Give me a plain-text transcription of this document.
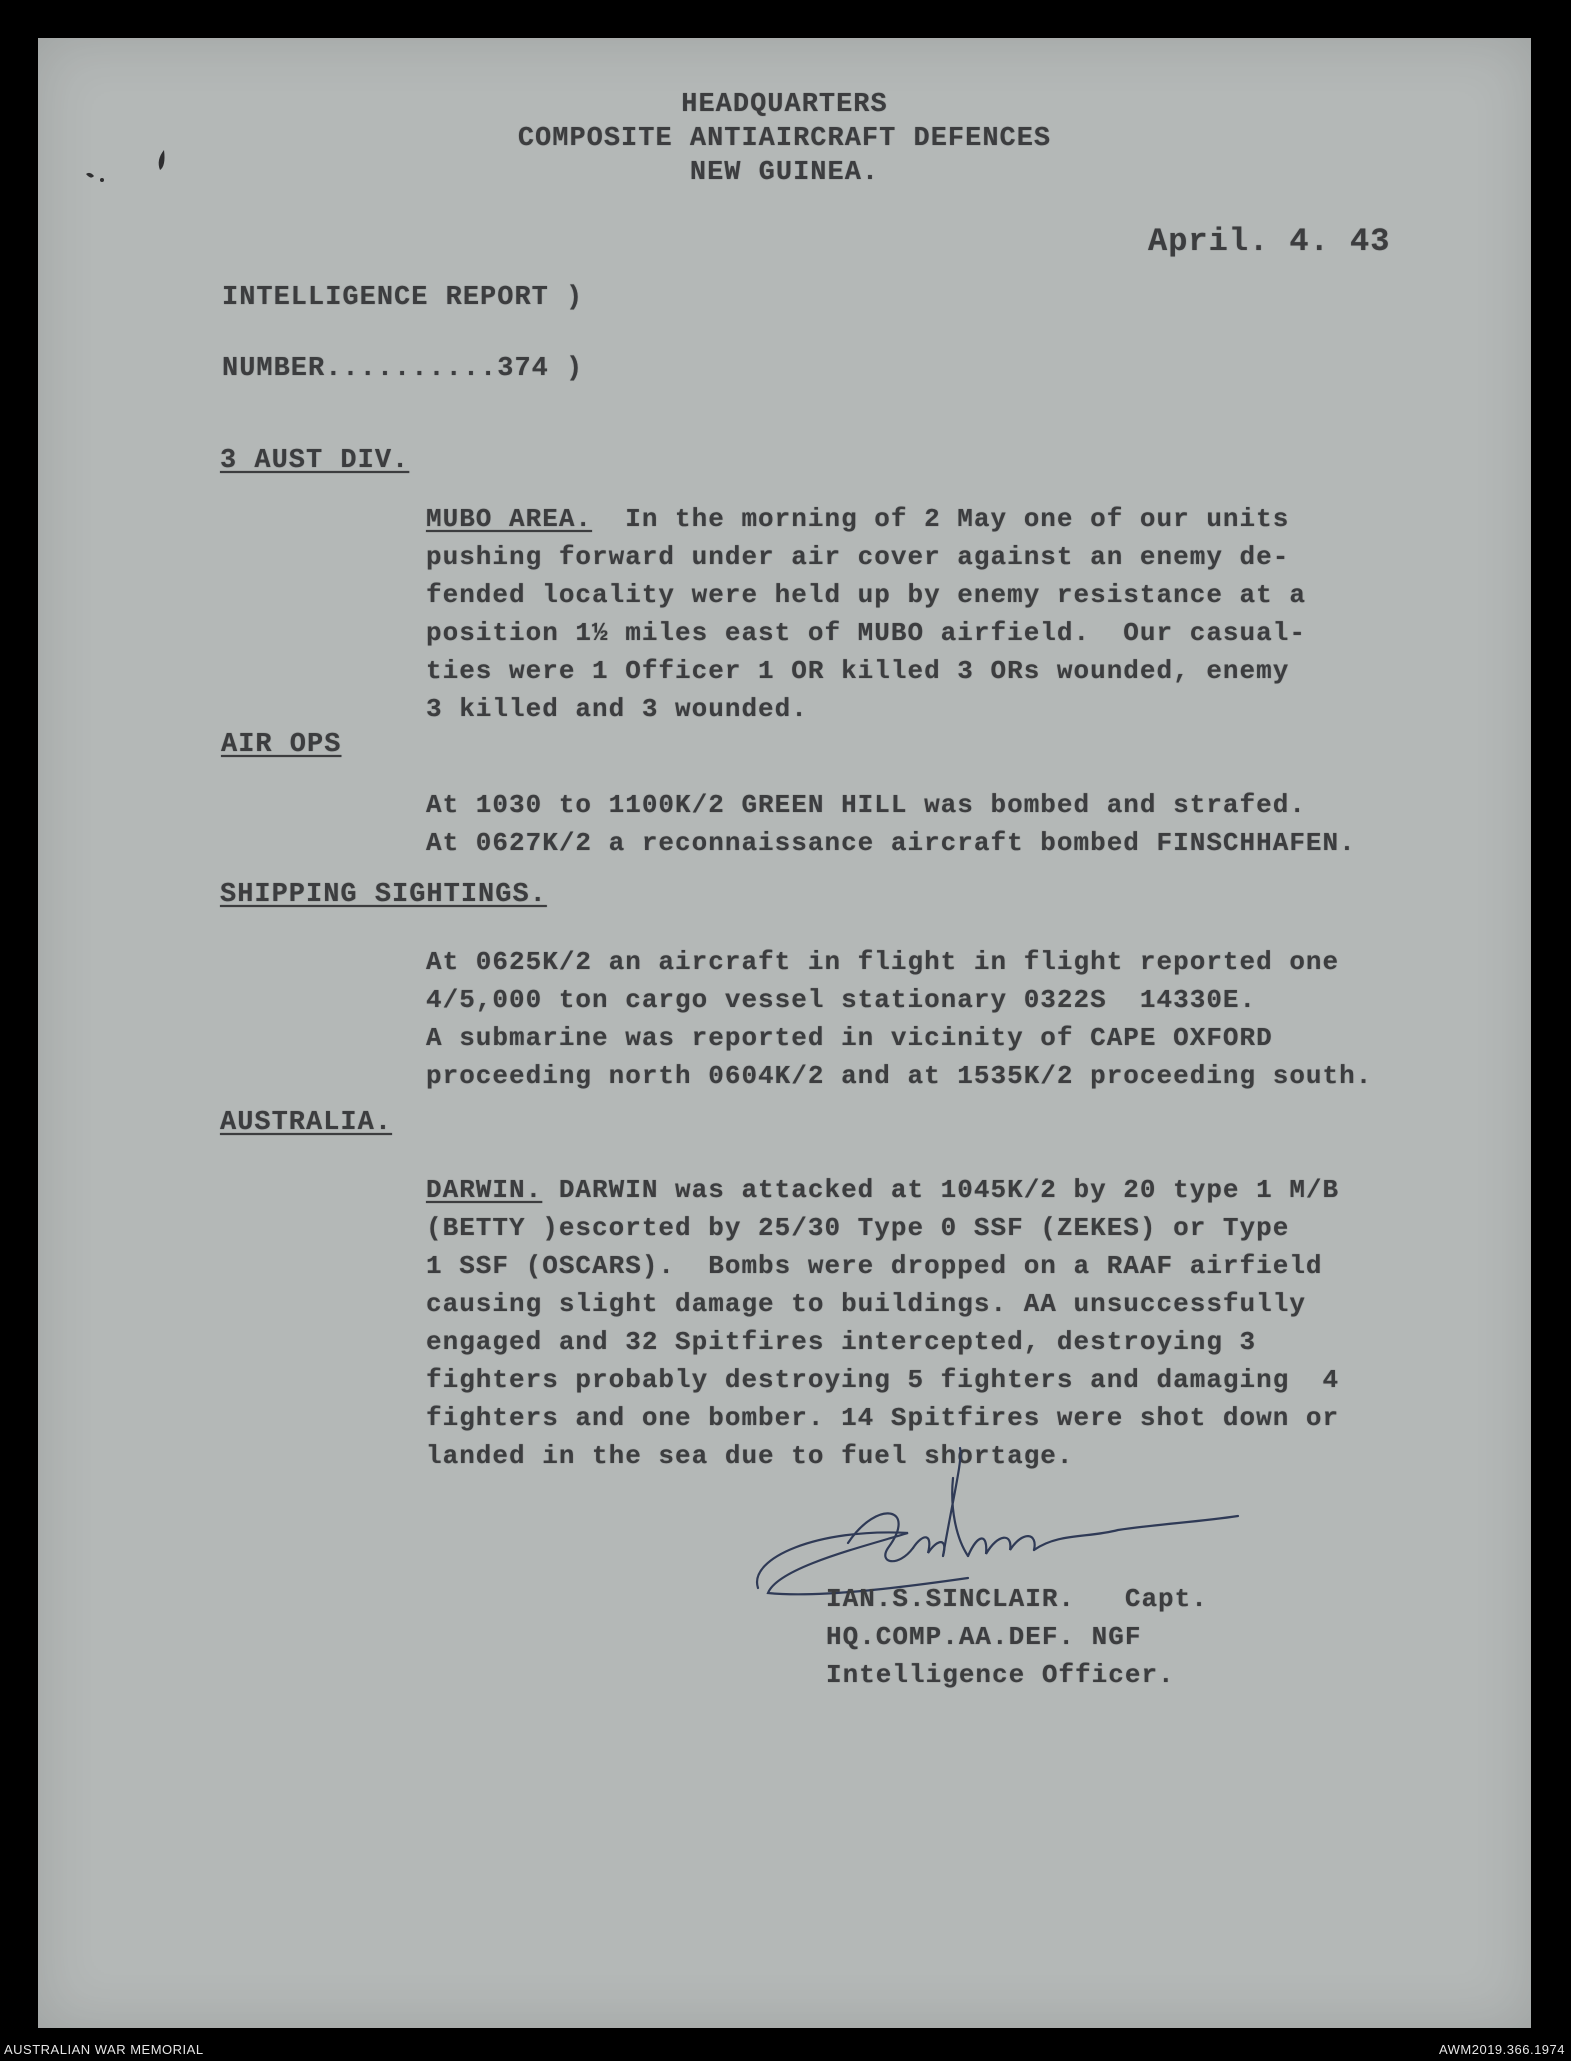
HEADQUARTERS
COMPOSITE ANTIAIRCRAFT DEFENCES
NEW GUINEA.
April. 4. 43
INTELLIGENCE REPORT )
NUMBER..........374 )
3 AUST DIV.
MUBO AREA.  In the morning of 2 May one of our units
pushing forward under air cover against an enemy de-
fended locality were held up by enemy resistance at a
position 1½ miles east of MUBO airfield.  Our casual-
ties were 1 Officer 1 OR killed 3 ORs wounded, enemy
3 killed and 3 wounded.
AIR OPS
At 1030 to 1100K/2 GREEN HILL was bombed and strafed.
At 0627K/2 a reconnaissance aircraft bombed FINSCHHAFEN.
SHIPPING SIGHTINGS.
At 0625K/2 an aircraft in flight in flight reported one
4/5,000 ton cargo vessel stationary 0322S  14330E.
A submarine was reported in vicinity of CAPE OXFORD
proceeding north 0604K/2 and at 1535K/2 proceeding south.
AUSTRALIA.
DARWIN. DARWIN was attacked at 1045K/2 by 20 type 1 M/B
(BETTY )escorted by 25/30 Type 0 SSF (ZEKES) or Type
1 SSF (OSCARS).  Bombs were dropped on a RAAF airfield
causing slight damage to buildings. AA unsuccessfully
engaged and 32 Spitfires intercepted, destroying 3
fighters probably destroying 5 fighters and damaging  4
fighters and one bomber. 14 Spitfires were shot down or
landed in the sea due to fuel shortage.
IAN.S.SINCLAIR.   Capt.
HQ.COMP.AA.DEF. NGF
Intelligence Officer.
AUSTRALIAN WAR MEMORIAL	AWM2019.366.1974
